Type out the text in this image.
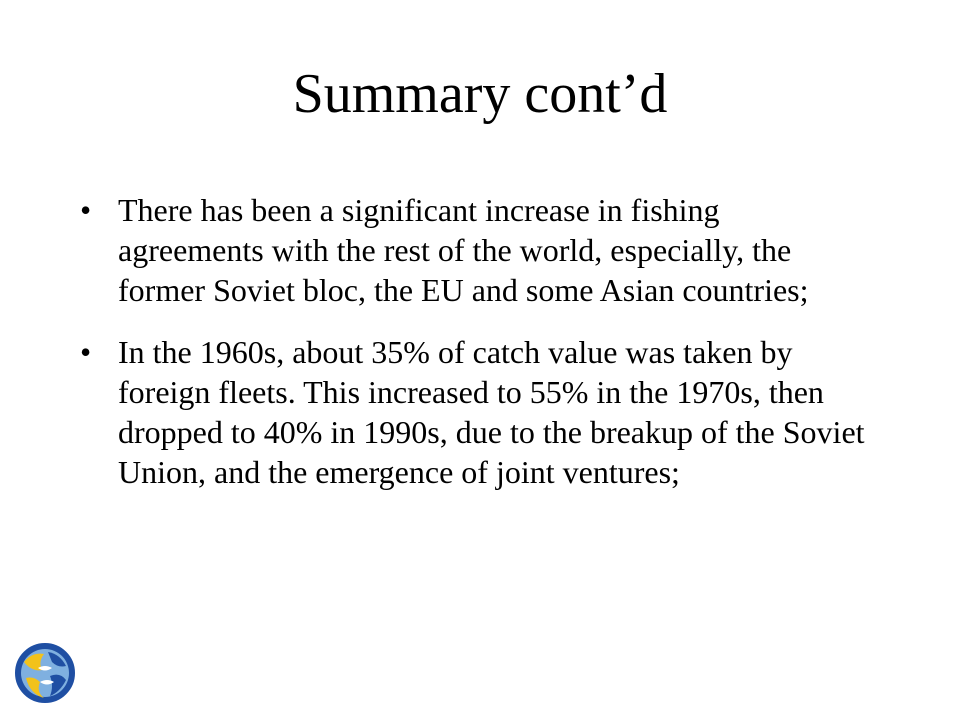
Summary cont’d
• There has been a significant increase in fishing agreements with the rest of the world, especially, the former Soviet bloc, the EU and some Asian countries;
• In the 1960s, about 35% of catch value was taken by foreign fleets. This increased to 55% in the 1970s, then dropped to 40% in 1990s, due to the breakup of the Soviet Union, and the emergence of joint ventures;
